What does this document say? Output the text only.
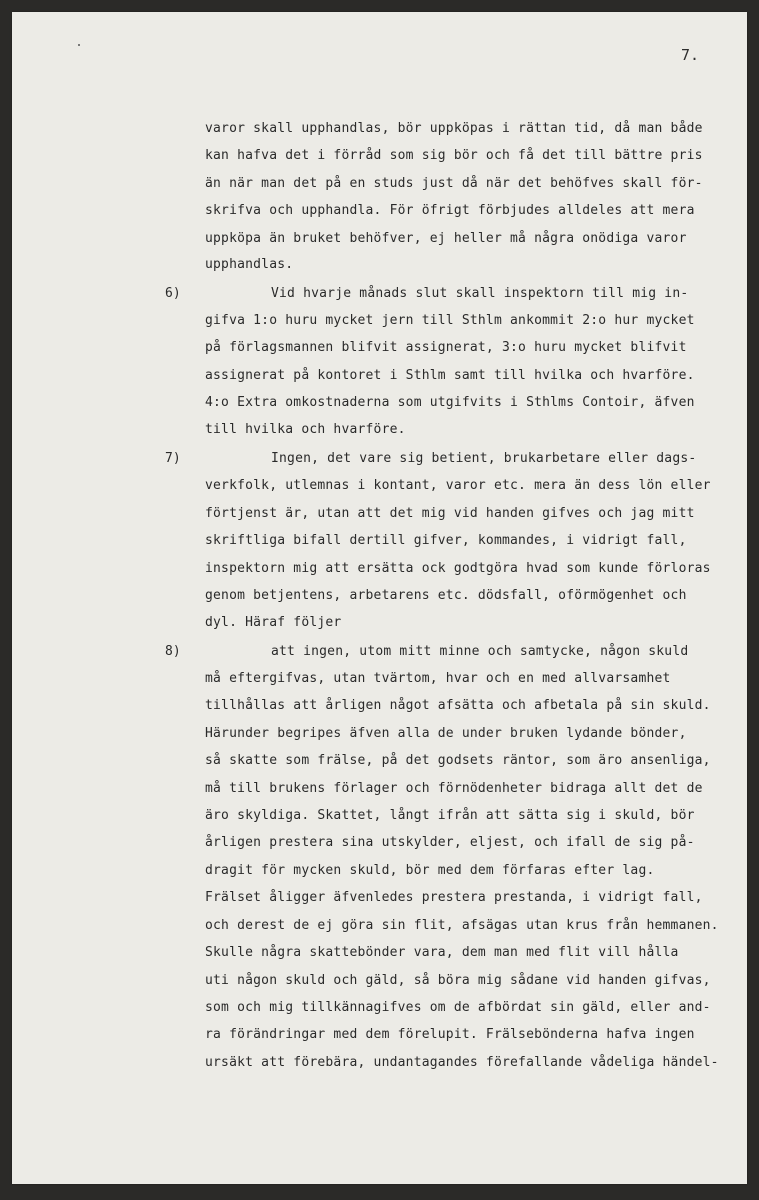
7.
varor skall upphandlas, bör uppköpas i rättan tid, då man både
kan hafva det i förråd som sig bör och få det till bättre pris
än när man det på en studs just då när det behöfves skall för-
skrifva och upphandla. För öfrigt förbjudes alldeles att mera
uppköpa än bruket behöfver, ej heller må några onödiga varor
upphandlas.
6)	Vid hvarje månads slut skall inspektorn till mig in-
gifva 1:o huru mycket jern till Sthlm ankommit 2:o hur mycket
på förlagsmannen blifvit assignerat, 3:o huru mycket blifvit
assignerat på kontoret i Sthlm samt till hvilka och hvarföre.
4:o Extra omkostnaderna som utgifvits i Sthlms Contoir, äfven
till hvilka och hvarföre.
7)	Ingen, det vare sig betient, brukarbetare eller dags-
verkfolk, utlemnas i kontant, varor etc. mera än dess lön eller
förtjenst är, utan att det mig vid handen gifves och jag mitt
skriftliga bifall dertill gifver, kommandes, i vidrigt fall,
inspektorn mig att ersätta ock godtgöra hvad som kunde förloras
genom betjentens, arbetarens etc. dödsfall, oförmögenhet och
dyl. Häraf följer
8)	att ingen, utom mitt minne och samtycke, någon skuld
må eftergifvas, utan tvärtom, hvar och en med allvarsamhet
tillhållas att årligen något afsätta och afbetala på sin skuld.
Härunder begripes äfven alla de under bruken lydande bönder,
så skatte som frälse, på det godsets räntor, som äro ansenliga,
må till brukens förlager och förnödenheter bidraga allt det de
äro skyldiga. Skattet, långt ifrån att sätta sig i skuld, bör
årligen prestera sina utskylder, eljest, och ifall de sig på-
dragit för mycken skuld, bör med dem förfaras efter lag.
Frälset åligger äfvenledes prestera prestanda, i vidrigt fall,
och derest de ej göra sin flit, afsägas utan krus från hemmanen.
Skulle några skattebönder vara, dem man med flit vill hålla
uti någon skuld och gäld, så böra mig sådane vid handen gifvas,
som och mig tillkännagifves om de afbördat sin gäld, eller and-
ra förändringar med dem förelupit. Frälsebönderna hafva ingen
ursäkt att förebära, undantagandes förefallande vådeliga händel-
